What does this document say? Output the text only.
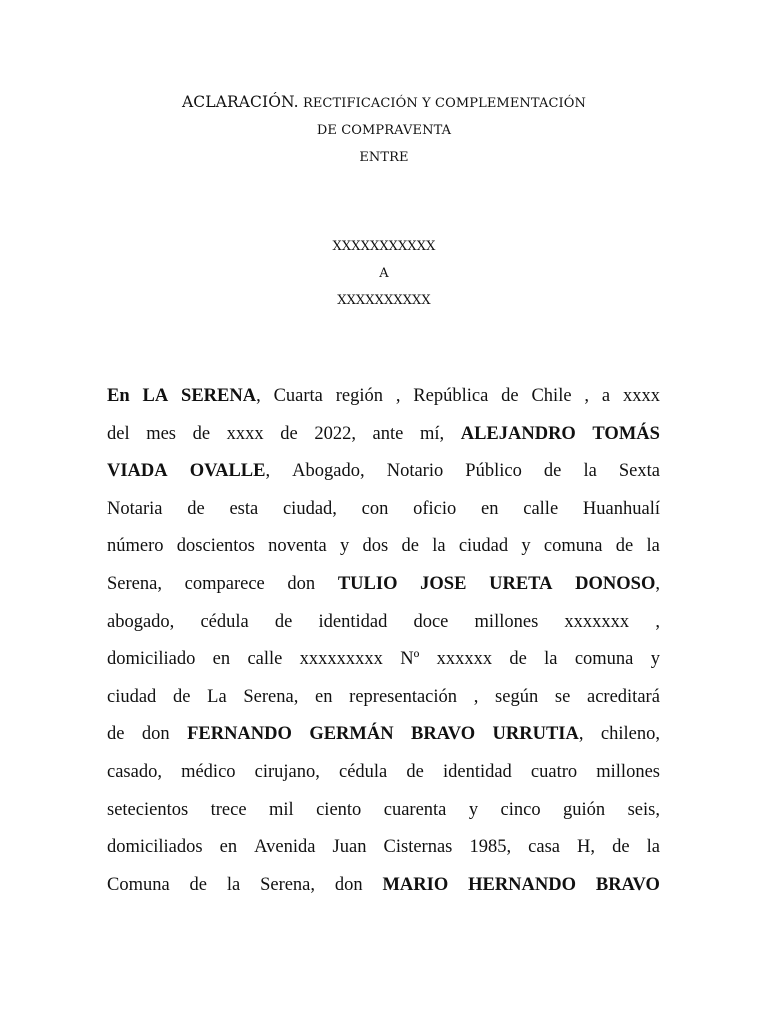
ACLARACIÓN. RECTIFICACIÓN Y COMPLEMENTACIÓN
DE COMPRAVENTA
ENTRE
XXXXXXXXXXX
A
XXXXXXXXXX
En LA SERENA, Cuarta región , República de Chile , a xxxx
del mes de xxxx de 2022, ante mí, ALEJANDRO TOMÁS
VIADA OVALLE, Abogado, Notario Público de la Sexta
Notaria de esta ciudad, con oficio en calle Huanhualí
número doscientos noventa y dos de la ciudad y comuna de la
Serena, comparece don TULIO JOSE URETA DONOSO,
abogado, cédula de identidad doce millones xxxxxxx ,
domiciliado en calle xxxxxxxxx Nº xxxxxx de la comuna y
ciudad de La Serena, en representación , según se acreditará
de don FERNANDO GERMÁN BRAVO URRUTIA, chileno,
casado, médico cirujano, cédula de identidad cuatro millones
setecientos trece mil ciento cuarenta y cinco guión seis,
domiciliados en Avenida Juan Cisternas 1985, casa H, de la
Comuna de la Serena, don MARIO HERNANDO BRAVO
